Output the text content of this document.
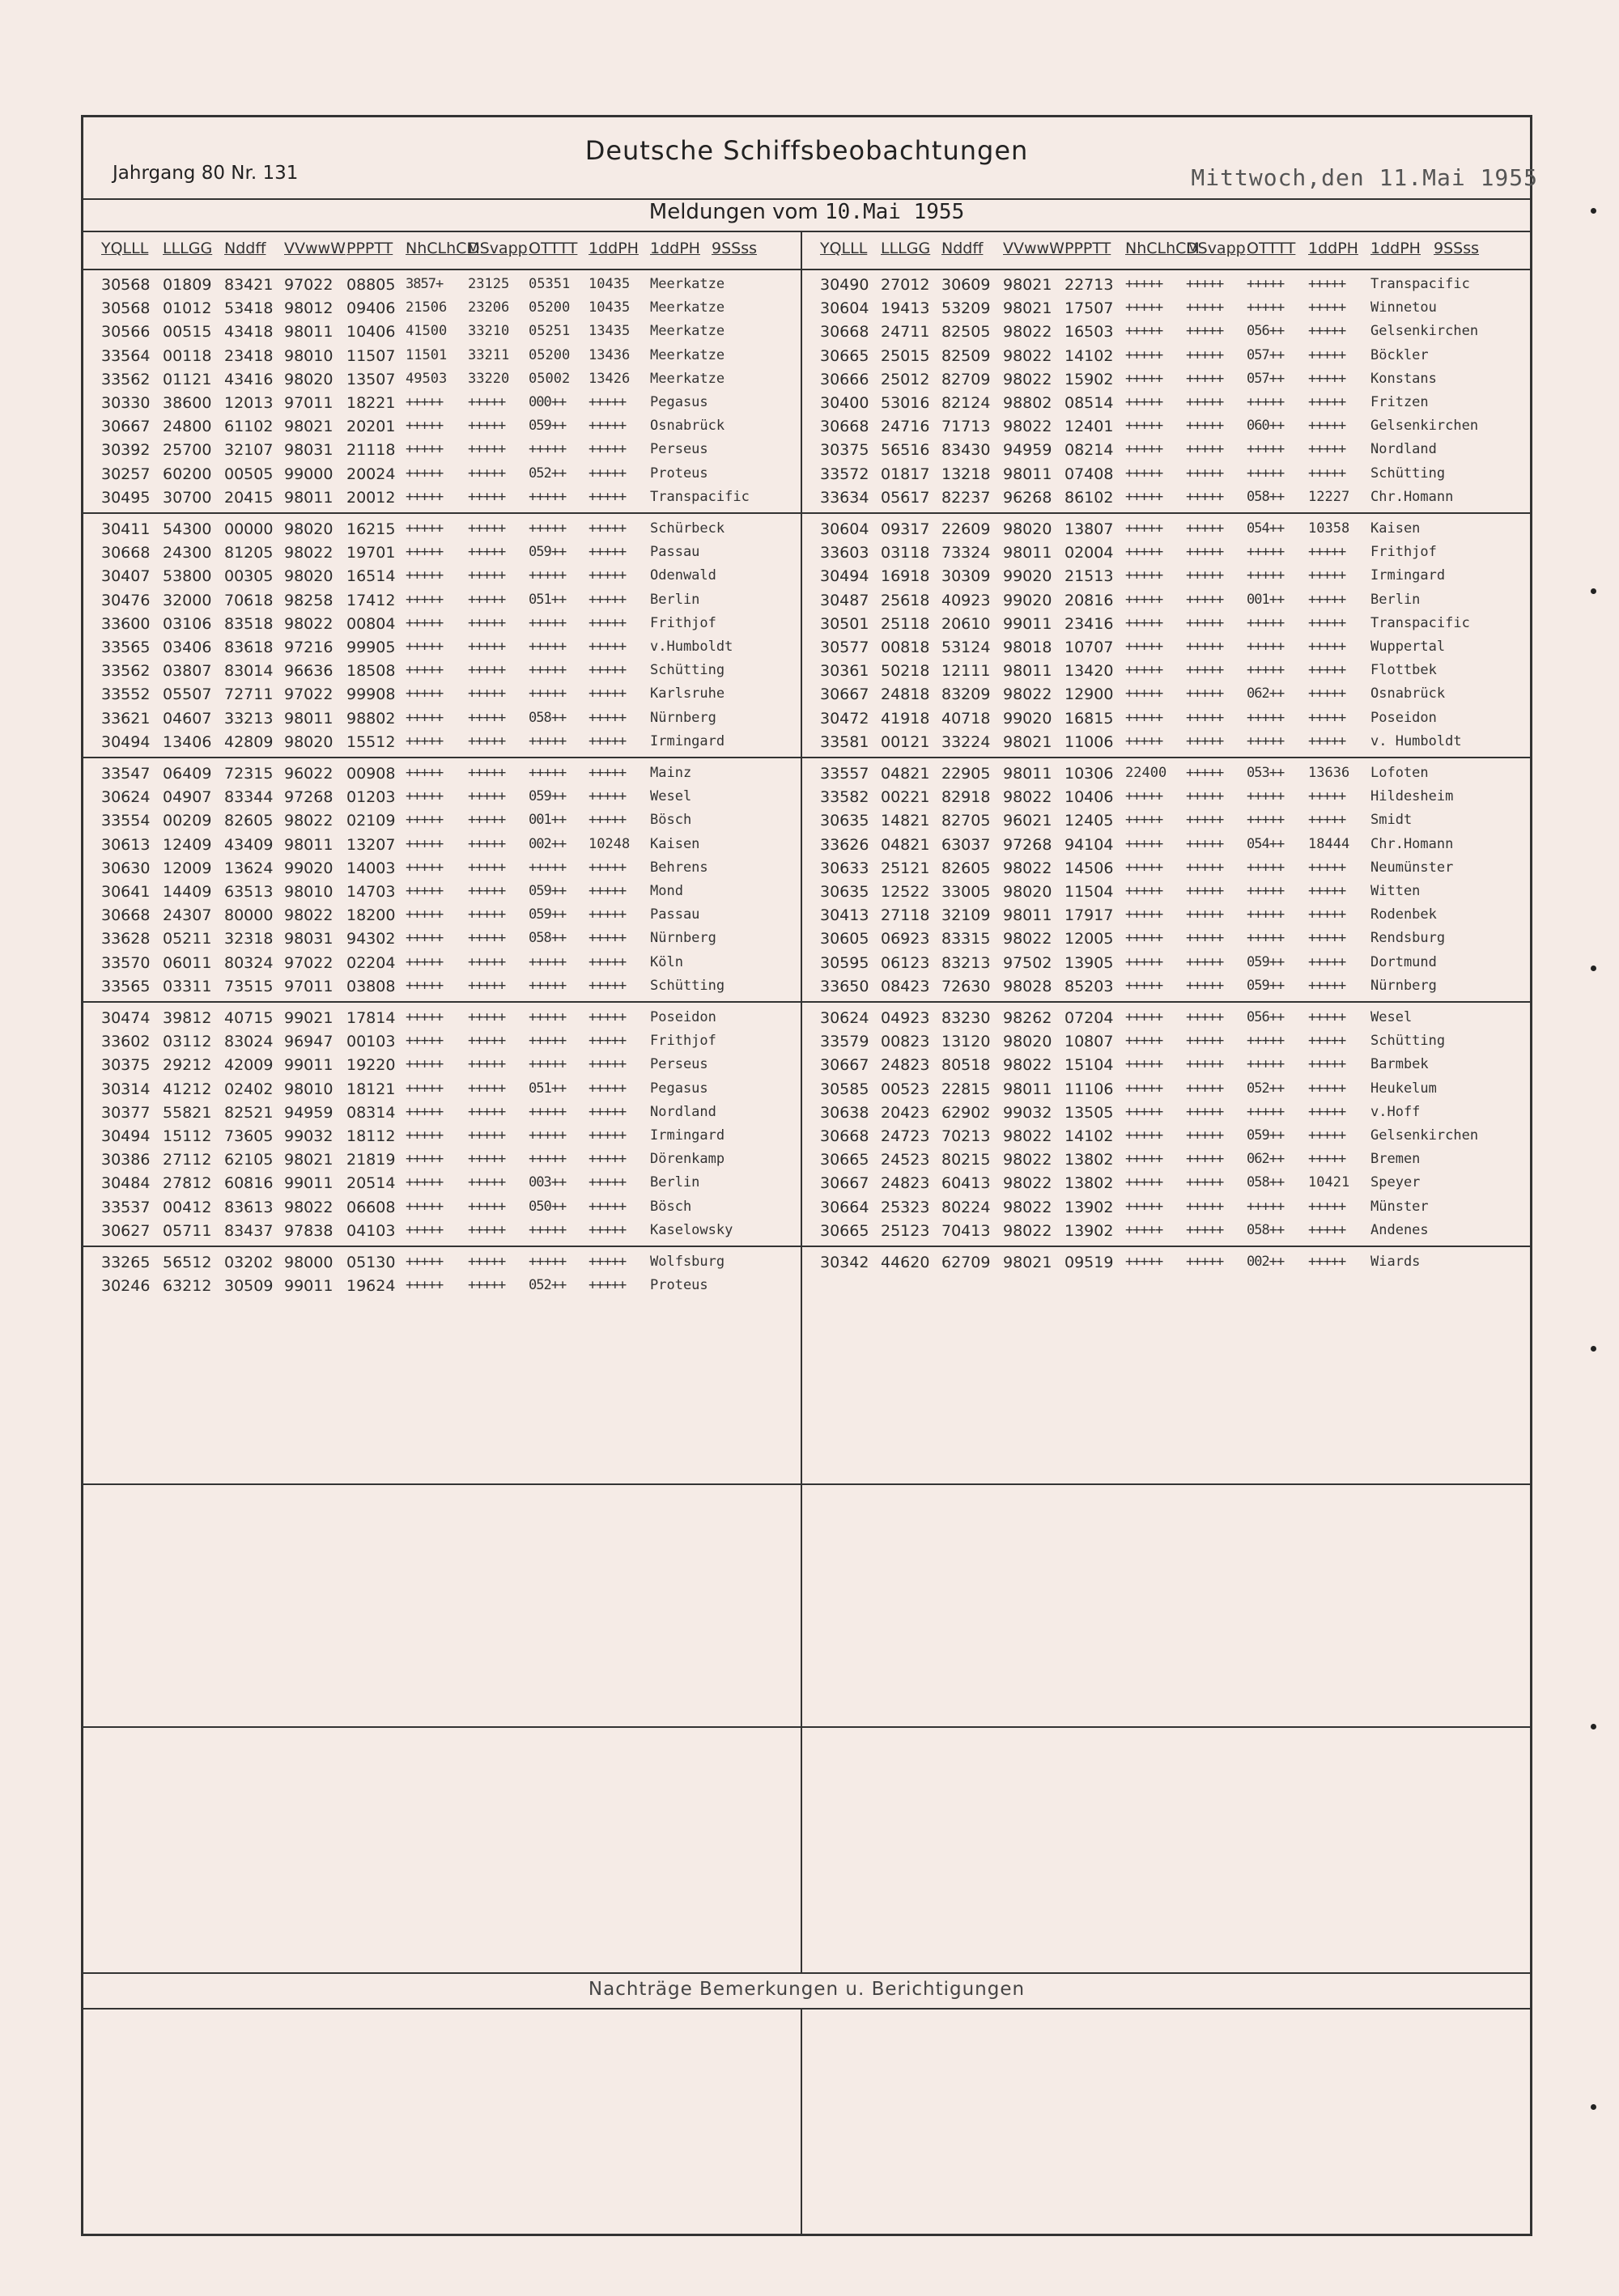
Deutsche Schiffsbeobachtungen
Jahrgang 80 Nr. 131	Mittwoch,den 11.Mai 1955
Meldungen vom 10.Mai 1955
YQLLL LLLGG Nddff VVwwW PPPTT NhCLhCM
DSvapp OTTTT 1ddPH 1ddPH 9SSss	YQLLL LLLGG Nddff VVwwW PPPTT NhCLhCM
DSvapp OTTTT 1ddPH 1ddPH 9SSss
Nachträge Bemerkungen u. Berichtigungen
30568 01809 83421 97022 08805 3857+ 23125 05351 10435 Meerkatze
30568 01012 53418 98012 09406 21506 23206 05200 10435 Meerkatze
30566 00515 43418 98011 10406 41500 33210 05251 13435 Meerkatze
33564 00118 23418 98010 11507 11501 33211 05200 13436 Meerkatze
33562 01121 43416 98020 13507 49503 33220 05002 13426 Meerkatze
30330 38600 12013 97011 18221 +++++ +++++ 000++ +++++ Pegasus
30667 24800 61102 98021 20201 +++++ +++++ 059++ +++++ Osnabrück
30392 25700 32107 98031 21118 +++++ +++++ +++++ +++++ Perseus
30257 60200 00505 99000 20024 +++++ +++++ 052++ +++++ Proteus
30495 30700 20415 98011 20012 +++++ +++++ +++++ +++++ Transpacific
30411 54300 00000 98020 16215 +++++ +++++ +++++ +++++ Schürbeck
30668 24300 81205 98022 19701 +++++ +++++ 059++ +++++ Passau
30407 53800 00305 98020 16514 +++++ +++++ +++++ +++++ Odenwald
30476 32000 70618 98258 17412 +++++ +++++ 051++ +++++ Berlin
33600 03106 83518 98022 00804 +++++ +++++ +++++ +++++ Frithjof
33565 03406 83618 97216 99905 +++++ +++++ +++++ +++++ v.Humboldt
33562 03807 83014 96636 18508 +++++ +++++ +++++ +++++ Schütting
33552 05507 72711 97022 99908 +++++ +++++ +++++ +++++ Karlsruhe
33621 04607 33213 98011 98802 +++++ +++++ 058++ +++++ Nürnberg
30494 13406 42809 98020 15512 +++++ +++++ +++++ +++++ Irmingard
33547 06409 72315 96022 00908 +++++ +++++ +++++ +++++ Mainz
30624 04907 83344 97268 01203 +++++ +++++ 059++ +++++ Wesel
33554 00209 82605 98022 02109 +++++ +++++ 001++ +++++ Bösch
30613 12409 43409 98011 13207 +++++ +++++ 002++ 10248 Kaisen
30630 12009 13624 99020 14003 +++++ +++++ +++++ +++++ Behrens
30641 14409 63513 98010 14703 +++++ +++++ 059++ +++++ Mond
30668 24307 80000 98022 18200 +++++ +++++ 059++ +++++ Passau
33628 05211 32318 98031 94302 +++++ +++++ 058++ +++++ Nürnberg
33570 06011 80324 97022 02204 +++++ +++++ +++++ +++++ Köln
33565 03311 73515 97011 03808 +++++ +++++ +++++ +++++ Schütting
30474 39812 40715 99021 17814 +++++ +++++ +++++ +++++ Poseidon
33602 03112 83024 96947 00103 +++++ +++++ +++++ +++++ Frithjof
30375 29212 42009 99011 19220 +++++ +++++ +++++ +++++ Perseus
30314 41212 02402 98010 18121 +++++ +++++ 051++ +++++ Pegasus
30377 55821 82521 94959 08314 +++++ +++++ +++++ +++++ Nordland
30494 15112 73605 99032 18112 +++++ +++++ +++++ +++++ Irmingard
30386 27112 62105 98021 21819 +++++ +++++ +++++ +++++ Dörenkamp
30484 27812 60816 99011 20514 +++++ +++++ 003++ +++++ Berlin
33537 00412 83613 98022 06608 +++++ +++++ 050++ +++++ Bösch
30627 05711 83437 97838 04103 +++++ +++++ +++++ +++++ Kaselowsky
33265 56512 03202 98000 05130 +++++ +++++ +++++ +++++ Wolfsburg
30246 63212 30509 99011 19624 +++++ +++++ 052++ +++++ Proteus
30490 27012 30609 98021 22713 +++++ +++++ +++++ +++++ Transpacific
30604 19413 53209 98021 17507 +++++ +++++ +++++ +++++ Winnetou
30668 24711 82505 98022 16503 +++++ +++++ 056++ +++++ Gelsenkirchen
30665 25015 82509 98022 14102 +++++ +++++ 057++ +++++ Böckler
30666 25012 82709 98022 15902 +++++ +++++ 057++ +++++ Konstans
30400 53016 82124 98802 08514 +++++ +++++ +++++ +++++ Fritzen
30668 24716 71713 98022 12401 +++++ +++++ 060++ +++++ Gelsenkirchen
30375 56516 83430 94959 08214 +++++ +++++ +++++ +++++ Nordland
33572 01817 13218 98011 07408 +++++ +++++ +++++ +++++ Schütting
33634 05617 82237 96268 86102 +++++ +++++ 058++ 12227 Chr.Homann
30604 09317 22609 98020 13807 +++++ +++++ 054++ 10358 Kaisen
33603 03118 73324 98011 02004 +++++ +++++ +++++ +++++ Frithjof
30494 16918 30309 99020 21513 +++++ +++++ +++++ +++++ Irmingard
30487 25618 40923 99020 20816 +++++ +++++ 001++ +++++ Berlin
30501 25118 20610 99011 23416 +++++ +++++ +++++ +++++ Transpacific
30577 00818 53124 98018 10707 +++++ +++++ +++++ +++++ Wuppertal
30361 50218 12111 98011 13420 +++++ +++++ +++++ +++++ Flottbek
30667 24818 83209 98022 12900 +++++ +++++ 062++ +++++ Osnabrück
30472 41918 40718 99020 16815 +++++ +++++ +++++ +++++ Poseidon
33581 00121 33224 98021 11006 +++++ +++++ +++++ +++++ v. Humboldt
33557 04821 22905 98011 10306 22400 +++++ 053++ 13636 Lofoten
33582 00221 82918 98022 10406 +++++ +++++ +++++ +++++ Hildesheim
30635 14821 82705 96021 12405 +++++ +++++ +++++ +++++ Smidt
33626 04821 63037 97268 94104 +++++ +++++ 054++ 18444 Chr.Homann
30633 25121 82605 98022 14506 +++++ +++++ +++++ +++++ Neumünster
30635 12522 33005 98020 11504 +++++ +++++ +++++ +++++ Witten
30413 27118 32109 98011 17917 +++++ +++++ +++++ +++++ Rodenbek
30605 06923 83315 98022 12005 +++++ +++++ +++++ +++++ Rendsburg
30595 06123 83213 97502 13905 +++++ +++++ 059++ +++++ Dortmund
33650 08423 72630 98028 85203 +++++ +++++ 059++ +++++ Nürnberg
30624 04923 83230 98262 07204 +++++ +++++ 056++ +++++ Wesel
33579 00823 13120 98020 10807 +++++ +++++ +++++ +++++ Schütting
30667 24823 80518 98022 15104 +++++ +++++ +++++ +++++ Barmbek
30585 00523 22815 98011 11106 +++++ +++++ 052++ +++++ Heukelum
30638 20423 62902 99032 13505 +++++ +++++ +++++ +++++ v.Hoff
30668 24723 70213 98022 14102 +++++ +++++ 059++ +++++ Gelsenkirchen
30665 24523 80215 98022 13802 +++++ +++++ 062++ +++++ Bremen
30667 24823 60413 98022 13802 +++++ +++++ 058++ 10421 Speyer
30664 25323 80224 98022 13902 +++++ +++++ +++++ +++++ Münster
30665 25123 70413 98022 13902 +++++ +++++ 058++ +++++ Andenes
30342 44620 62709 98021 09519 +++++ +++++ 002++ +++++ Wiards
